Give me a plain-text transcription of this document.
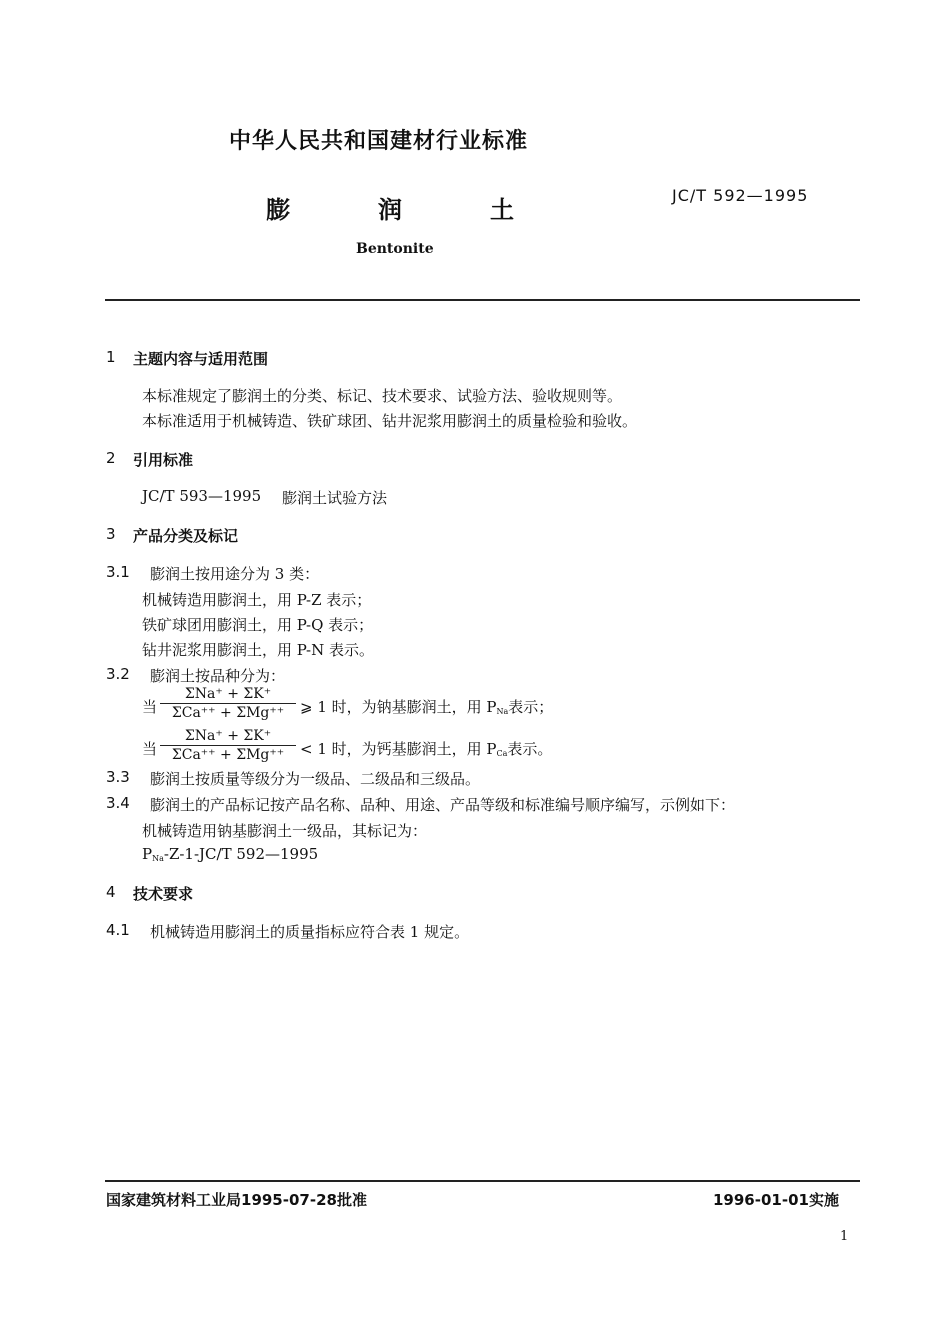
中华人民共和国建材行业标准
膨	润	土
JC/T 592—1995
Bentonite
1 主题内容与适用范围
本标准规定了膨润土的分类、标记、技术要求、试验方法、验收规则等。
本标准适用于机械铸造、铁矿球团、钻井泥浆用膨润土的质量检验和验收。
2 引用标准
JC/T 593—1995 膨润土试验方法
3 产品分类及标记
3.1 膨润土按用途分为 3 类：
机械铸造用膨润土，用 P-Z 表示；
铁矿球团用膨润土，用 P-Q 表示；
钻井泥浆用膨润土，用 P-N 表示。
3.2 膨润土按品种分为：
当
ΣNa⁺ + ΣK⁺
ΣCa⁺⁺ + ΣMg⁺⁺	⩾ 1 时，为钠基膨润土，用 $P_{Na}$表示；
当
ΣNa⁺ + ΣK⁺
ΣCa⁺⁺ + ΣMg⁺⁺	< 1 时，为钙基膨润土，用 $P_{Ca}$表示。
3.3 膨润土按质量等级分为一级品、二级品和三级品。
3.4 膨润土的产品标记按产品名称、品种、用途、产品等级和标准编号顺序编写，示例如下：
机械铸造用钠基膨润土一级品，其标记为：
$P_{Na}-Z-1-JC/T$ 592—1995
4 技术要求
4.1 机械铸造用膨润土的质量指标应符合表 1 规定。
国家建筑材料工业局1995-07-28批准	1996-01-01实施
1
